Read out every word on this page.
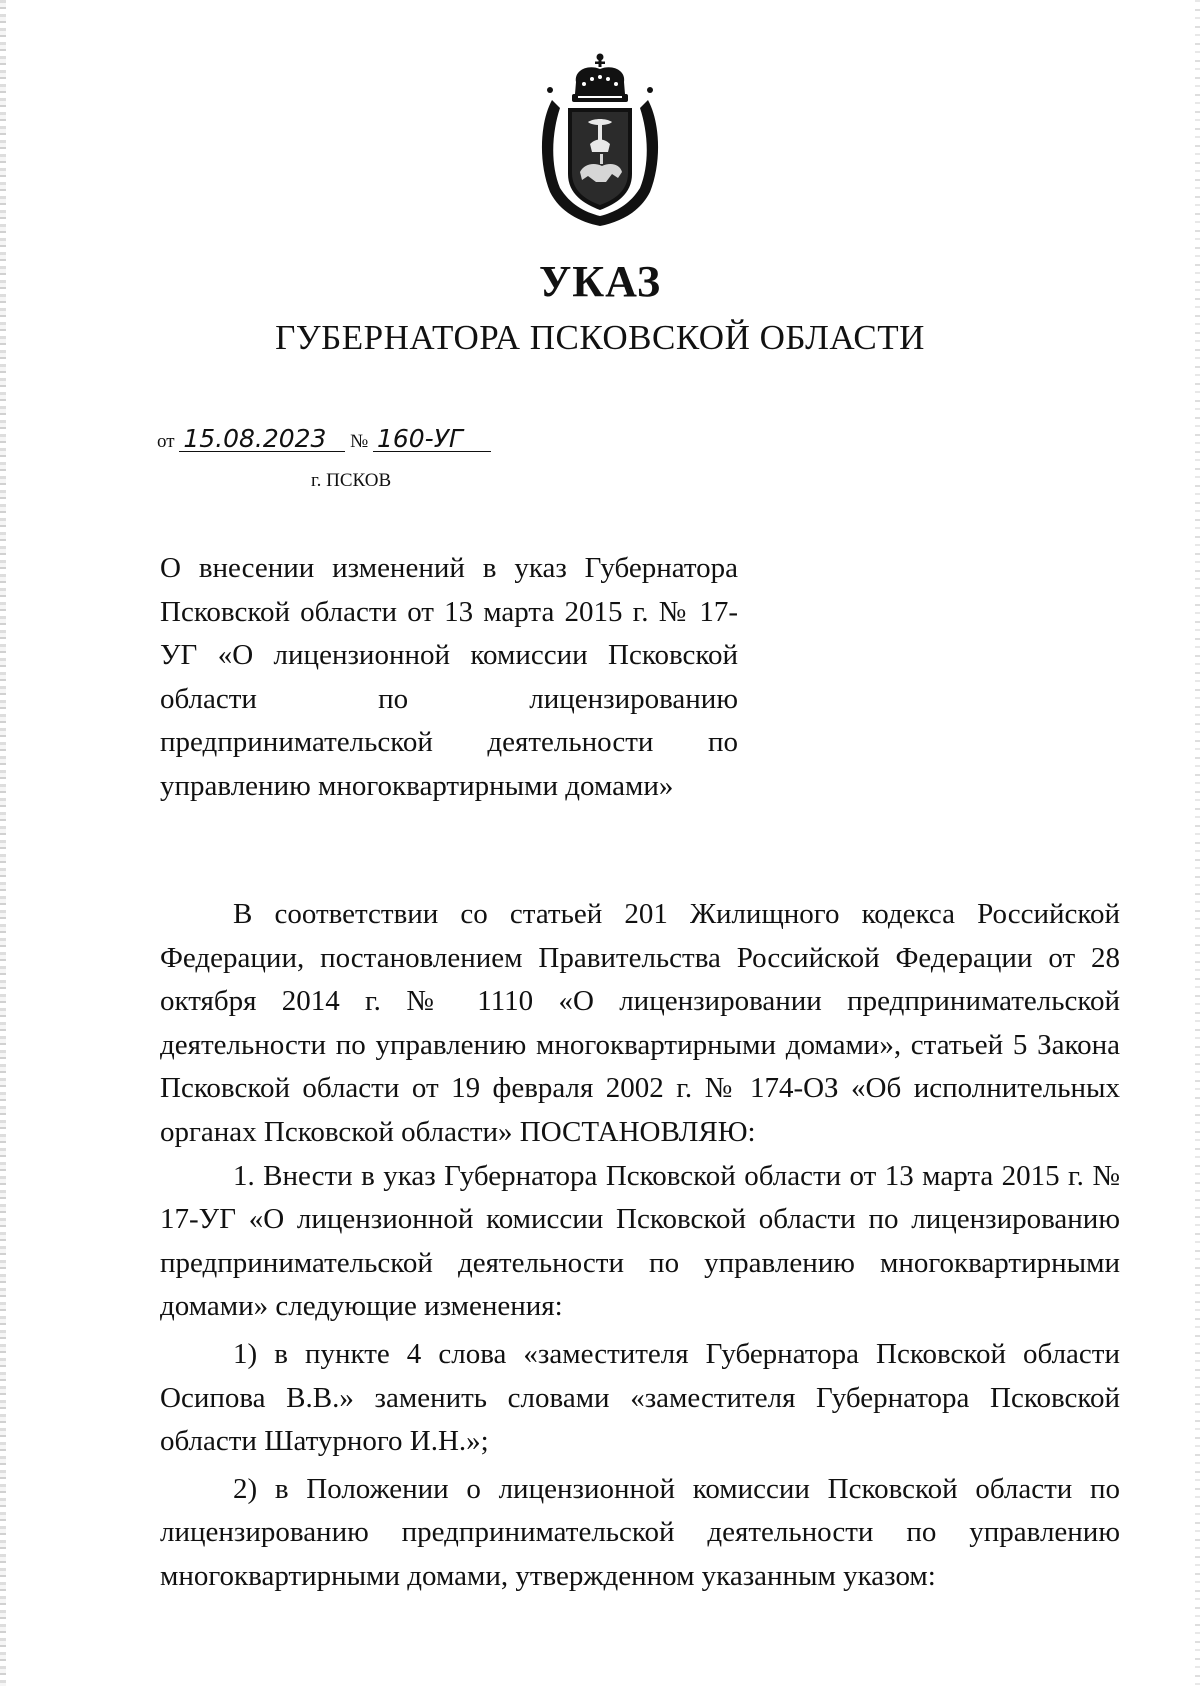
УКАЗ
ГУБЕРНАТОРА ПСКОВСКОЙ ОБЛАСТИ
от 15.08.2023 № 160-УГ
г. ПСКОВ
О внесении изменений в указ Губернатора Псковской области от 13 марта 2015 г. № 17-УГ «О лицензионной комиссии Псковской области по лицензированию предпринимательской деятельности по управлению многоквартирными домами»

В соответствии со статьей 201 Жилищного кодекса Российской Федерации, постановлением Правительства Российской Федерации от 28 октября 2014 г. № 1110 «О лицензировании предпринимательской деятельности по управлению многоквартирными домами», статьей 5 Закона Псковской области от 19 февраля 2002 г. № 174-ОЗ «Об исполнительных органах Псковской области» ПОСТАНОВЛЯЮ:

1. Внести в указ Губернатора Псковской области от 13 марта 2015 г. № 17-УГ «О лицензионной комиссии Псковской области по лицензированию предпринимательской деятельности по управлению многоквартирными домами» следующие изменения:

1) в пункте 4 слова «заместителя Губернатора Псковской области Осипова В.В.» заменить словами «заместителя Губернатора Псковской области Шатурного И.Н.»;

2) в Положении о лицензионной комиссии Псковской области по лицензированию предпринимательской деятельности по управлению многоквартирными домами, утвержденном указанным указом:
